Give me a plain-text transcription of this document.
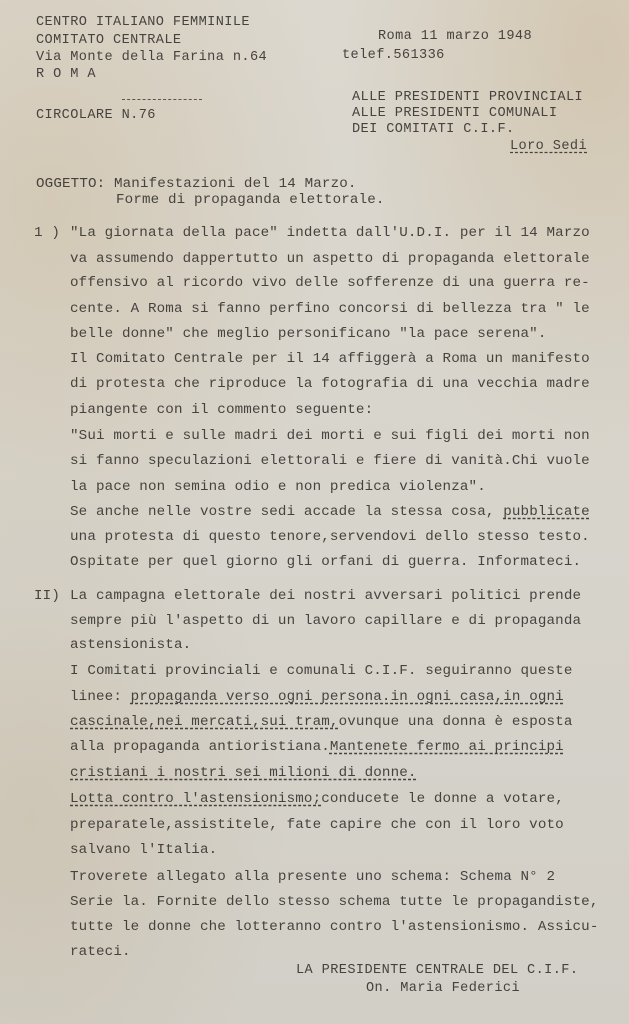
CENTRO ITALIANO FEMMINILE
COMITATO CENTRALE
Via Monte della Farina n.64
R O M A
Roma 11 marzo 1948
telef.561336
CIRCOLARE N.76
ALLE PRESIDENTI PROVINCIALI
ALLE PRESIDENTI COMUNALI
DEI COMITATI C.I.F.
Loro Sedi
OGGETTO: Manifestazioni del 14 Marzo.
Forme di propaganda elettorale.
1 ) "La giornata della pace" indetta dall'U.D.I. per il 14 Marzo
va assumendo dappertutto un aspetto di propaganda elettorale
offensivo al ricordo vivo delle sofferenze di una guerra re-
cente. A Roma si fanno perfino concorsi di bellezza tra " le
belle donne" che meglio personificano "la pace serena".
Il Comitato Centrale per il 14 affiggerà a Roma un manifesto
di protesta che riproduce la fotografia di una vecchia madre
piangente con il commento seguente:
"Sui morti e sulle madri dei morti e sui figli dei morti non
si fanno speculazioni elettorali e fiere di vanità.Chi vuole
la pace non semina odio e non predica violenza".
Se anche nelle vostre sedi accade la stessa cosa, pubblicate
una protesta di questo tenore,servendovi dello stesso testo.
Ospitate per quel giorno gli orfani di guerra. Informateci.
II) La campagna elettorale dei nostri avversari politici prende
sempre più l'aspetto di un lavoro capillare e di propaganda
astensionista.
I Comitati provinciali e comunali C.I.F. seguiranno queste
linee: propaganda verso ogni persona.in ogni casa,in ogni
cascinale,nei mercati,sui tram,ovunque una donna è esposta
alla propaganda antioristiana.Mantenete fermo ai principi
cristiani i nostri sei milioni di donne.
Lotta contro l'astensionismo;conducete le donne a votare,
preparatele,assistitele, fate capire che con il loro voto
salvano l'Italia.
Troverete allegato alla presente uno schema: Schema N° 2
Serie la. Fornite dello stesso schema tutte le propagandiste,
tutte le donne che lotteranno contro l'astensionismo. Assicu-
rateci.
LA PRESIDENTE CENTRALE DEL C.I.F.
On. Maria Federici
